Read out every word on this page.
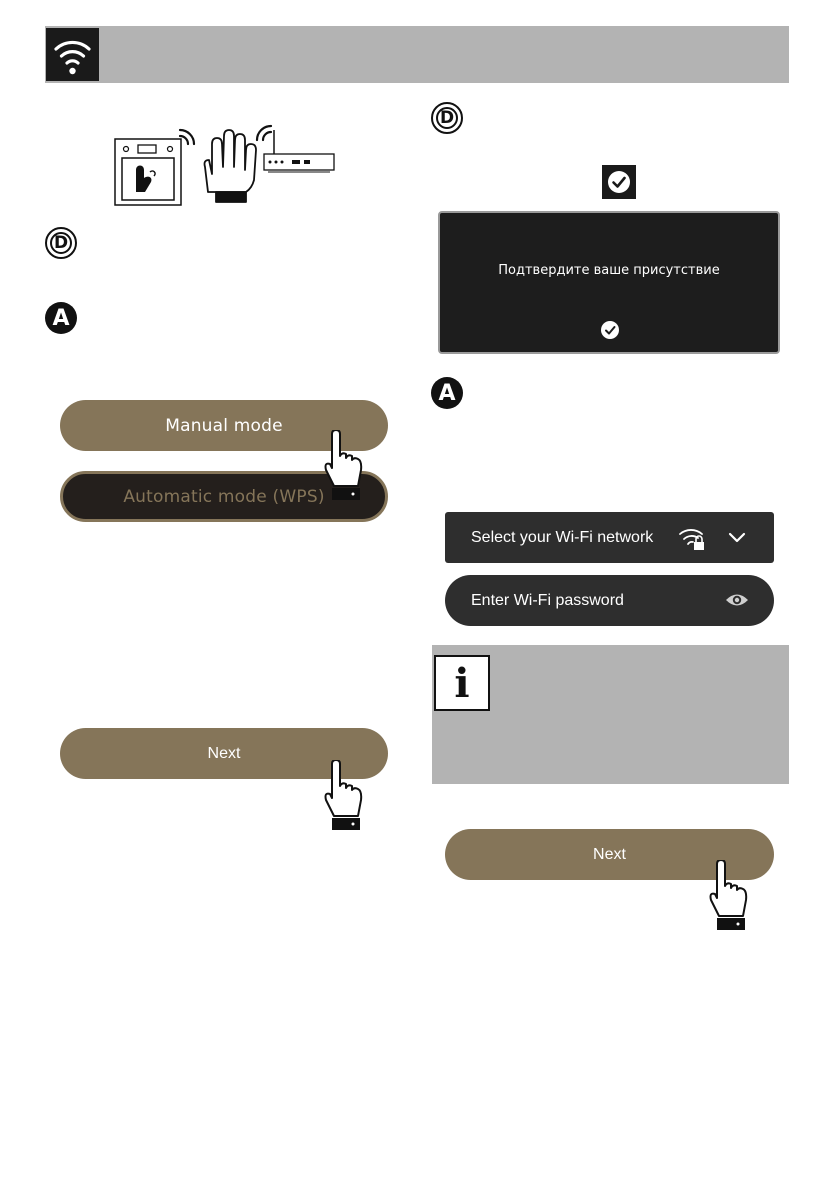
D
A
Manual mode
Automatic mode (WPS)
Next
D
Подтвердите ваше присутствие
A
Select your Wi-Fi network
Enter Wi-Fi password
i
Next
